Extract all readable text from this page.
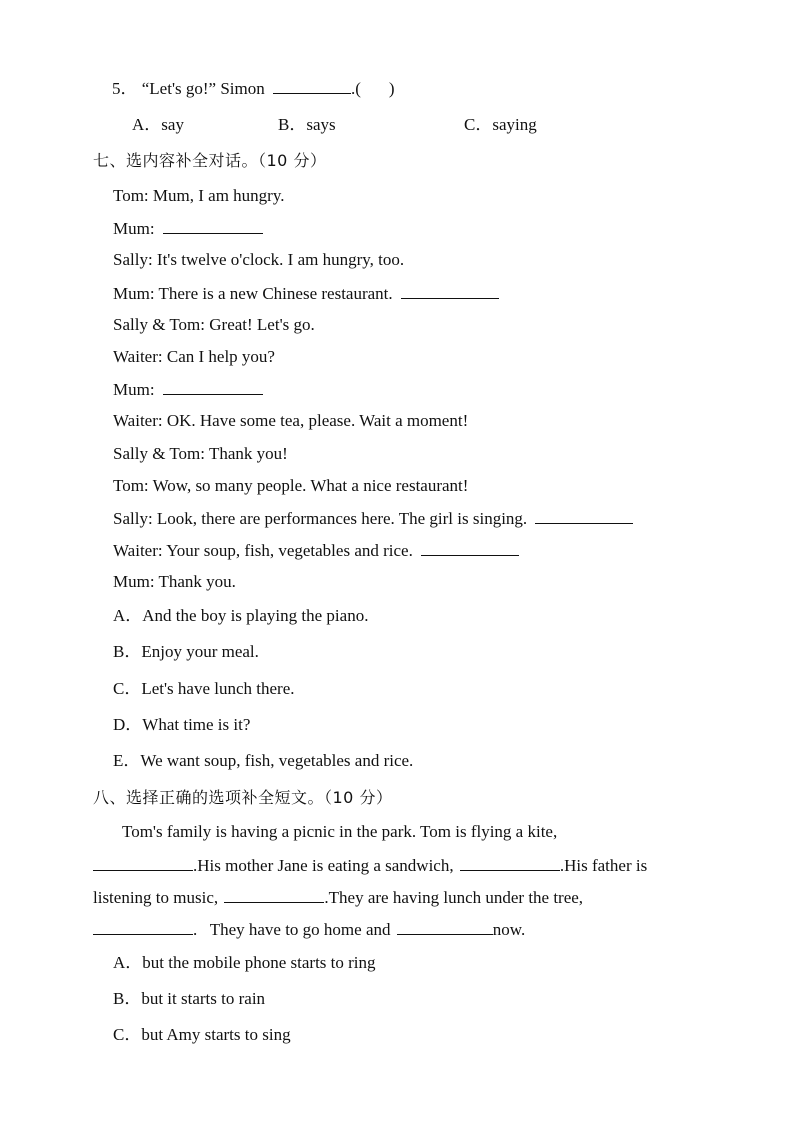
5． “Let's go!” Simon	.( )
A．say	B．says	C．saying
七、选内容补全对话。（10 分）
Tom: Mum, I am hungry.
Mum:
Sally: It's twelve o'clock. I am hungry, too.
Mum: There is a new Chinese restaurant.
Sally & Tom: Great! Let's go.
Waiter: Can I help you?
Mum:
Waiter: OK. Have some tea, please. Wait a moment!
Sally & Tom: Thank you!
Tom: Wow, so many people. What a nice restaurant!
Sally: Look, there are performances here. The girl is singing.
Waiter: Your soup, fish, vegetables and rice.
Mum: Thank you.
A．And the boy is playing the piano.
B．Enjoy your meal.
C．Let's have lunch there.
D．What time is it?
E．We want soup, fish, vegetables and rice.
八、选择正确的选项补全短文。（10 分）
Tom's family is having a picnic in the park. Tom is flying a kite,
.His mother Jane is eating a sandwich,	.His father is
listening to music,	.They are having lunch under the tree,
.   They have to go home and	now.
A．but the mobile phone starts to ring
B．but it starts to rain
C．but Amy starts to sing
